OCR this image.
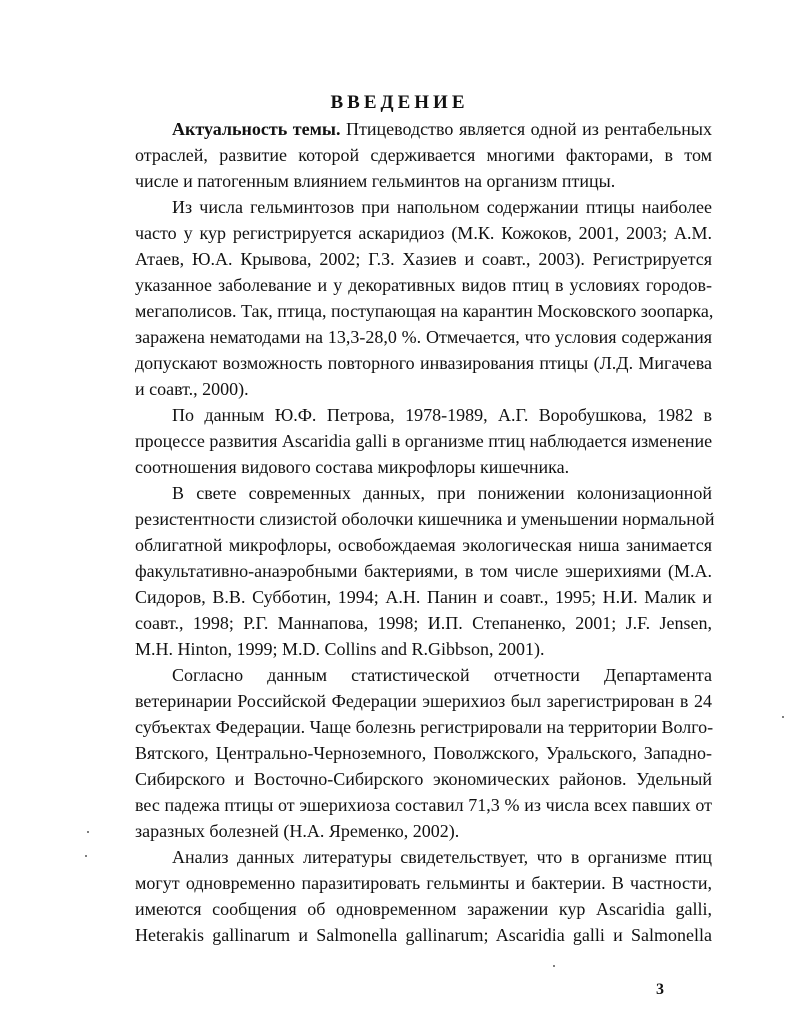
ВВЕДЕНИЕ
Актуальность темы. Птицеводство является одной из рентабельных
отраслей, развитие которой сдерживается многими факторами, в том
числе и патогенным влиянием гельминтов на организм птицы.
Из числа гельминтозов при напольном содержании птицы наиболее
часто у кур регистрируется аскаридиоз (М.К. Кожоков, 2001, 2003; А.М.
Атаев, Ю.А. Крывова, 2002; Г.З. Хазиев и соавт., 2003). Регистрируется
указанное заболевание и у декоративных видов птиц в условиях городов-
мегаполисов. Так, птица, поступающая на карантин Московского зоопарка,
заражена нематодами на 13,3-28,0 %. Отмечается, что условия содержания
допускают возможность повторного инвазирования птицы (Л.Д. Мигачева
и соавт., 2000).
По данным Ю.Ф. Петрова, 1978-1989, А.Г. Воробушкова, 1982 в
процессе развития Ascaridia galli в организме птиц наблюдается изменение
соотношения видового состава микрофлоры кишечника.
В свете современных данных, при понижении колонизационной
резистентности слизистой оболочки кишечника и уменьшении нормальной
облигатной микрофлоры, освобождаемая экологическая ниша занимается
факультативно-анаэробными бактериями, в том числе эшерихиями (М.А.
Сидоров, В.В. Субботин, 1994; А.Н. Панин и соавт., 1995; Н.И. Малик и
соавт., 1998; Р.Г. Маннапова, 1998; И.П. Степаненко, 2001; J.F. Jensen,
M.H. Hinton, 1999; M.D. Collins and R.Gibbson, 2001).
Согласно данным статистической отчетности Департамента
ветеринарии Российской Федерации эшерихиоз был зарегистрирован в 24
субъектах Федерации. Чаще болезнь регистрировали на территории Волго-
Вятского, Центрально-Черноземного, Поволжского, Уральского, Западно-
Сибирского и Восточно-Сибирского экономических районов. Удельный
вес падежа птицы от эшерихиоза составил 71,3 % из числа всех павших от
заразных болезней (Н.А. Яременко, 2002).
Анализ данных литературы свидетельствует, что в организме птиц
могут одновременно паразитировать гельминты и бактерии. В частности,
имеются сообщения об одновременном заражении кур Ascaridia galli,
Heterakis gallinarum и Salmonella gallinarum; Ascaridia galli и Salmonella
3
